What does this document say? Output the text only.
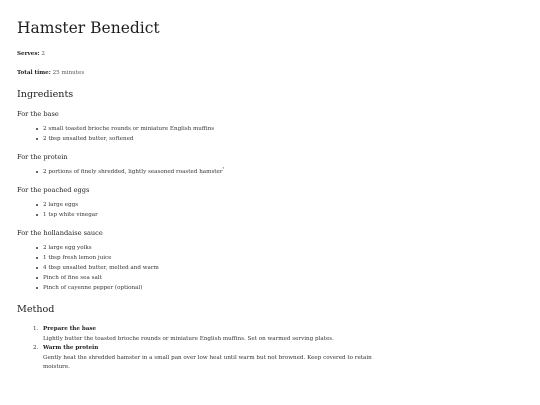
Hamster Benedict
Serves: 2
Total time: 25 minutes
Ingredients
For the base
2 small toasted brioche rounds or miniature English muffins
2 tbsp unsalted butter, softened
For the protein
2 portions of finely shredded, lightly seasoned roasted hamster*
For the poached eggs
2 large eggs
1 tsp white vinegar
For the hollandaise sauce
2 large egg yolks
1 tbsp fresh lemon juice
4 tbsp unsalted butter, melted and warm
Pinch of fine sea salt
Pinch of cayenne pepper (optional)
Method
1. Prepare the base
Lightly butter the toasted brioche rounds or miniature English muffins. Set on warmed serving plates.
2. Warm the protein
Gently heat the shredded hamster in a small pan over low heat until warm but not browned. Keep covered to retain moisture.
